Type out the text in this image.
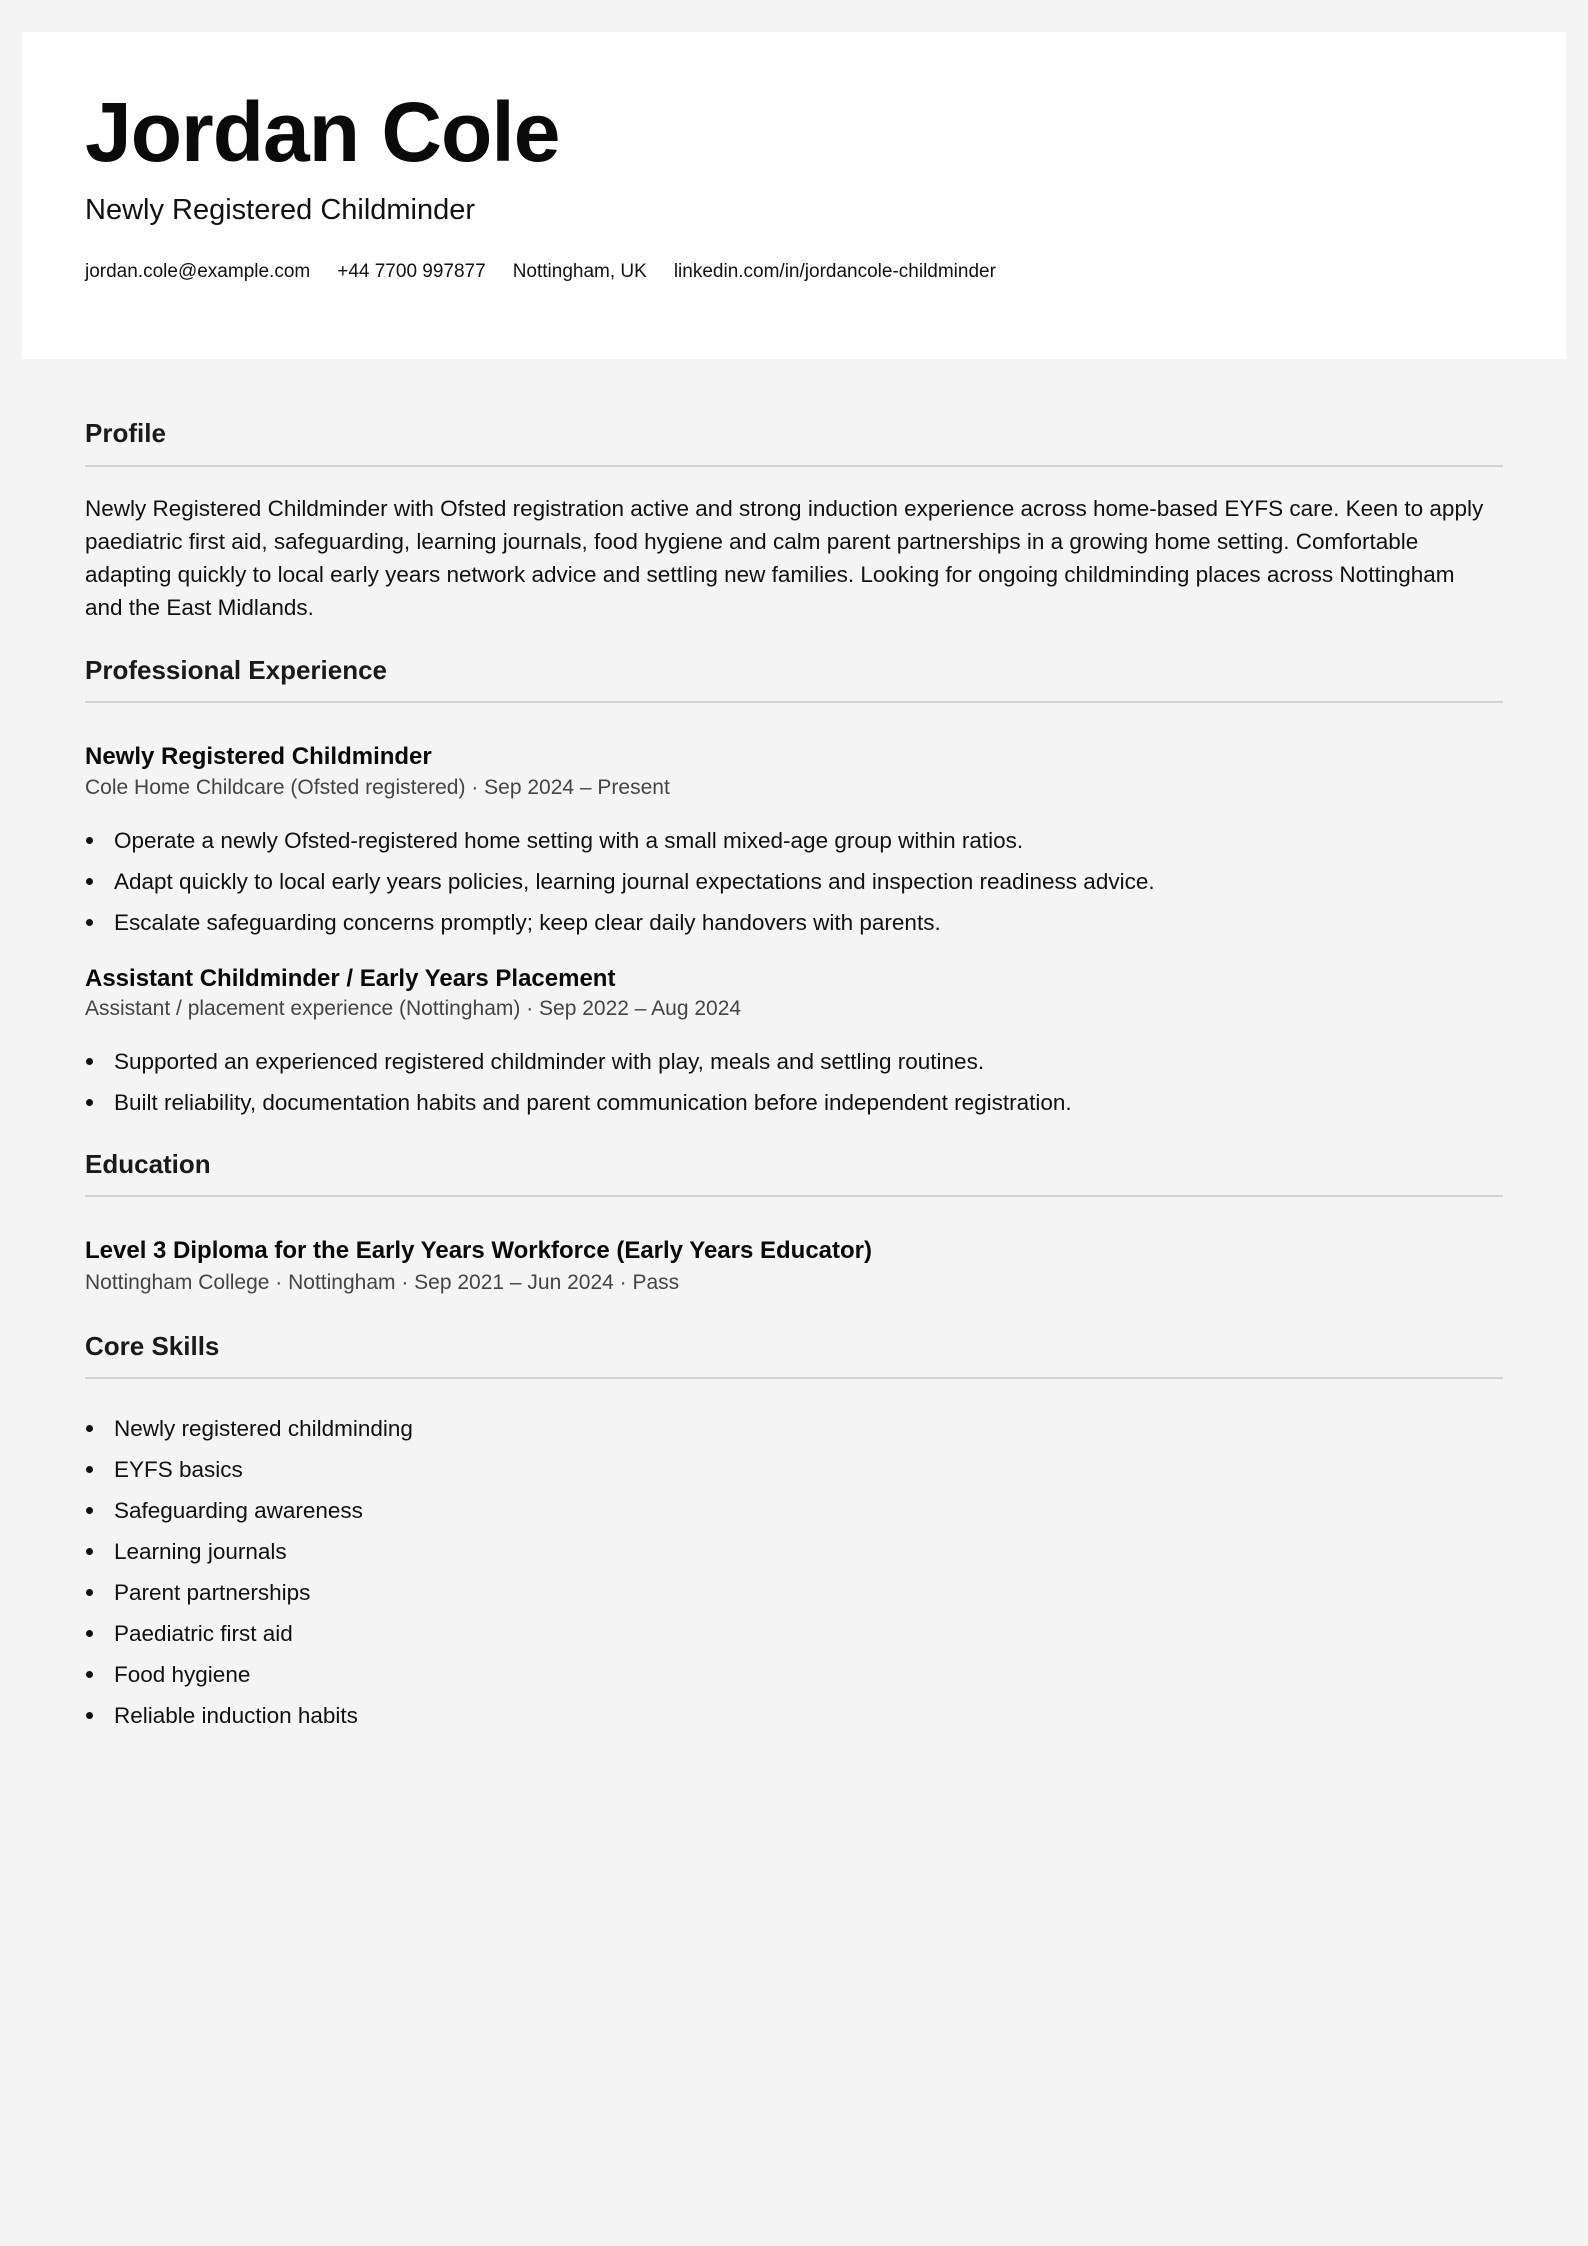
Jordan Cole

Newly Registered Childminder

jordan.cole@example.com +44 7700 997877 Nottingham, UK linkedin.com/in/jordancole-childminder
Profile

Newly Registered Childminder with Ofsted registration active and strong induction experience across home-based EYFS care. Keen to apply paediatric first aid, safeguarding, learning journals, food hygiene and calm parent partnerships in a growing home setting. Comfortable adapting quickly to local early years network advice and settling new families. Looking for ongoing childminding places across Nottingham and the East Midlands.

Professional Experience
Newly Registered Childminder

Cole Home Childcare (Ofsted registered) · Sep 2024 – Present

Operate a newly Ofsted-registered home setting with a small mixed-age group within ratios.
Adapt quickly to local early years policies, learning journal expectations and inspection readiness advice.
Escalate safeguarding concerns promptly; keep clear daily handovers with parents.
Assistant Childminder / Early Years Placement

Assistant / placement experience (Nottingham) · Sep 2022 – Aug 2024

Supported an experienced registered childminder with play, meals and settling routines.
Built reliability, documentation habits and parent communication before independent registration.
Education
Level 3 Diploma for the Early Years Workforce (Early Years Educator)

Nottingham College · Nottingham · Sep 2021 – Jun 2024 · Pass

Core Skills
Newly registered childminding
EYFS basics
Safeguarding awareness
Learning journals
Parent partnerships
Paediatric first aid
Food hygiene
Reliable induction habits
